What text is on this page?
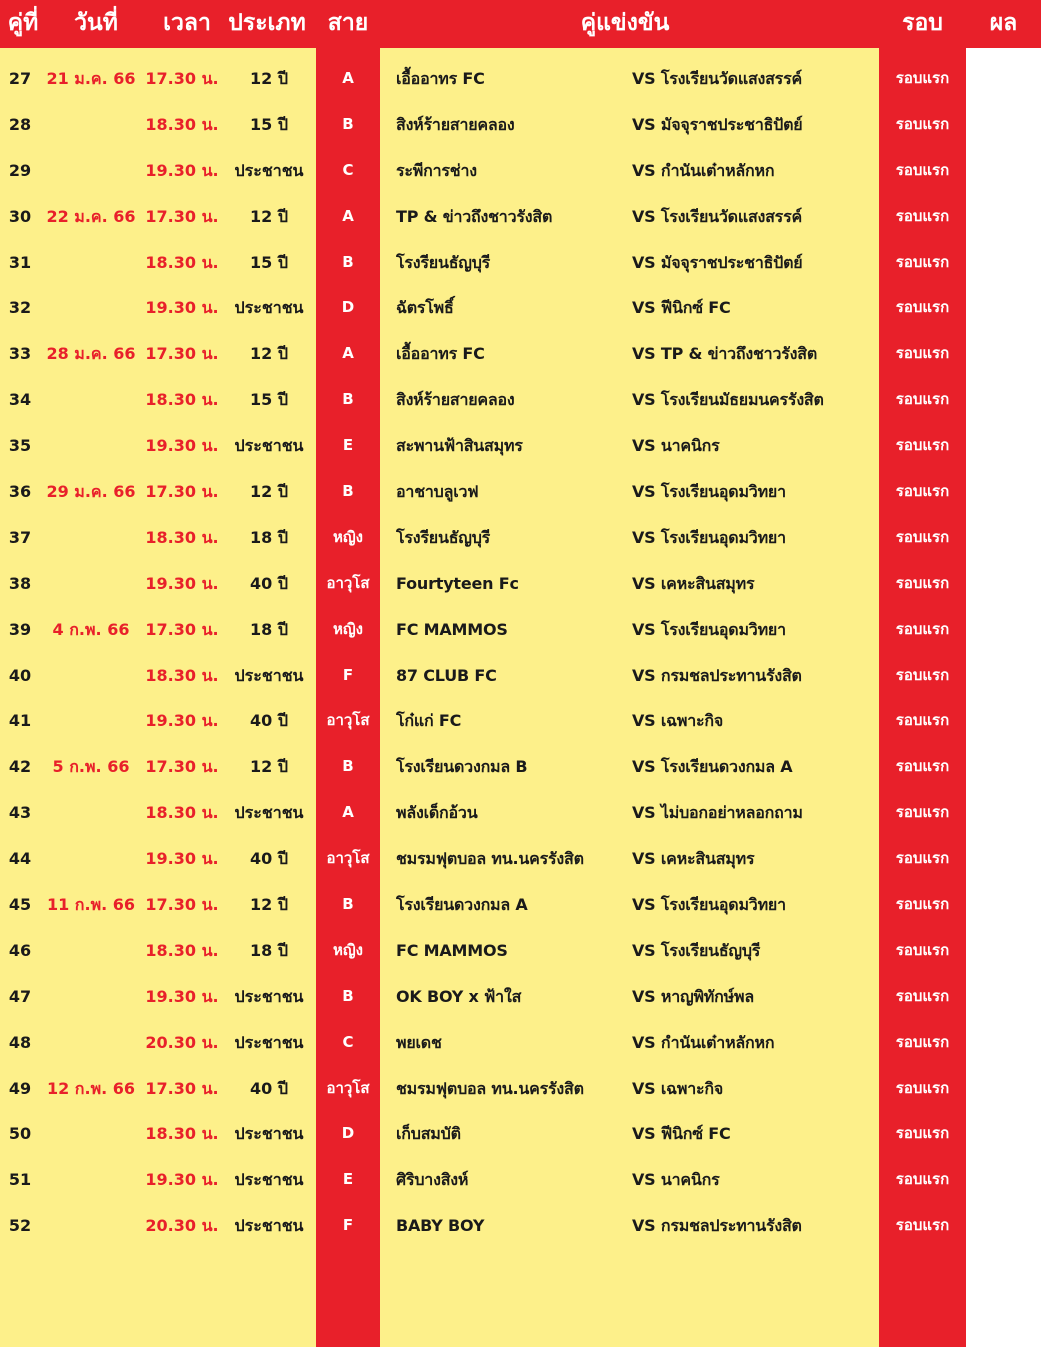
คู่ที่	วันที่	เวลา ประเภท สาย	คู่แข่งขัน	รอบ	ผล
27 21 ม.ค. 66 17.30 น.	12 ปี	A	เอื้ออาทร FC	VS โรงเรียนวัดแสงสรรค์	รอบแรก
28	18.30 น.	15 ปี	B	สิงห์ร้ายสายคลอง	VS มัจจุราชประชาธิปัตย์	รอบแรก
29	19.30 น. ประชาชน	C	ระพีการช่าง	VS กำนันเต๋าหลักหก	รอบแรก
30 22 ม.ค. 66 17.30 น.	12 ปี	A	TP & ข่าวถึงชาวรังสิต	VS โรงเรียนวัดแสงสรรค์	รอบแรก
31	18.30 น.	15 ปี	B	โรงรียนธัญบุรี	VS มัจจุราชประชาธิปัตย์	รอบแรก
32	19.30 น. ประชาชน	D	ฉัตรโพธิ์	VS ฟีนิกซ์ FC	รอบแรก
33 28 ม.ค. 66 17.30 น.	12 ปี	A	เอื้ออาทร FC	VS TP & ข่าวถึงชาวรังสิต	รอบแรก
34	18.30 น.	15 ปี	B	สิงห์ร้ายสายคลอง	VS โรงเรียนมัธยมนครรังสิต	รอบแรก
35	19.30 น. ประชาชน	E	สะพานฟ้าสินสมุทร	VS นาคนิกร	รอบแรก
36 29 ม.ค. 66 17.30 น.	12 ปี	B	อาชาบลูเวฟ	VS โรงเรียนอุดมวิทยา	รอบแรก
37	18.30 น.	18 ปี	หญิง	โรงรียนธัญบุรี	VS โรงเรียนอุดมวิทยา	รอบแรก
38	19.30 น.	40 ปี	อาวุโส	Fourtyteen Fc	VS เคหะสินสมุทร	รอบแรก
39	4 ก.พ. 66 17.30 น.	18 ปี	หญิง	FC MAMMOS	VS โรงเรียนอุดมวิทยา	รอบแรก
40	18.30 น. ประชาชน	F	87 CLUB FC	VS กรมชลประทานรังสิต	รอบแรก
41	19.30 น.	40 ปี	อาวุโส	โก๋แก่ FC	VS เฉพาะกิจ	รอบแรก
42	5 ก.พ. 66 17.30 น.	12 ปี	B	โรงเรียนดวงกมล B	VS โรงเรียนดวงกมล A	รอบแรก
43	18.30 น. ประชาชน	A	พลังเด็กอ้วน	VS ไม่บอกอย่าหลอกถาม	รอบแรก
44	19.30 น.	40 ปี	อาวุโส	ชมรมฟุตบอล ทน.นครรังสิต	VS เคหะสินสมุทร	รอบแรก
45 11 ก.พ. 66 17.30 น.	12 ปี	B	โรงเรียนดวงกมล A	VS โรงเรียนอุดมวิทยา	รอบแรก
46	18.30 น.	18 ปี	หญิง	FC MAMMOS	VS โรงเรียนธัญบุรี	รอบแรก
47	19.30 น. ประชาชน	B	OK BOY x ฟ้าใส	VS หาญพิทักษ์พล	รอบแรก
48	20.30 น. ประชาชน	C	พยเดช	VS กำนันเต๋าหลักหก	รอบแรก
49 12 ก.พ. 66 17.30 น.	40 ปี	อาวุโส	ชมรมฟุตบอล ทน.นครรังสิต	VS เฉพาะกิจ	รอบแรก
50	18.30 น. ประชาชน	D	เก็บสมบัติ	VS ฟีนิกซ์ FC	รอบแรก
51	19.30 น. ประชาชน	E	ศิริบางสิงห์	VS นาคนิกร	รอบแรก
52	20.30 น. ประชาชน	F	BABY BOY	VS กรมชลประทานรังสิต	รอบแรก
